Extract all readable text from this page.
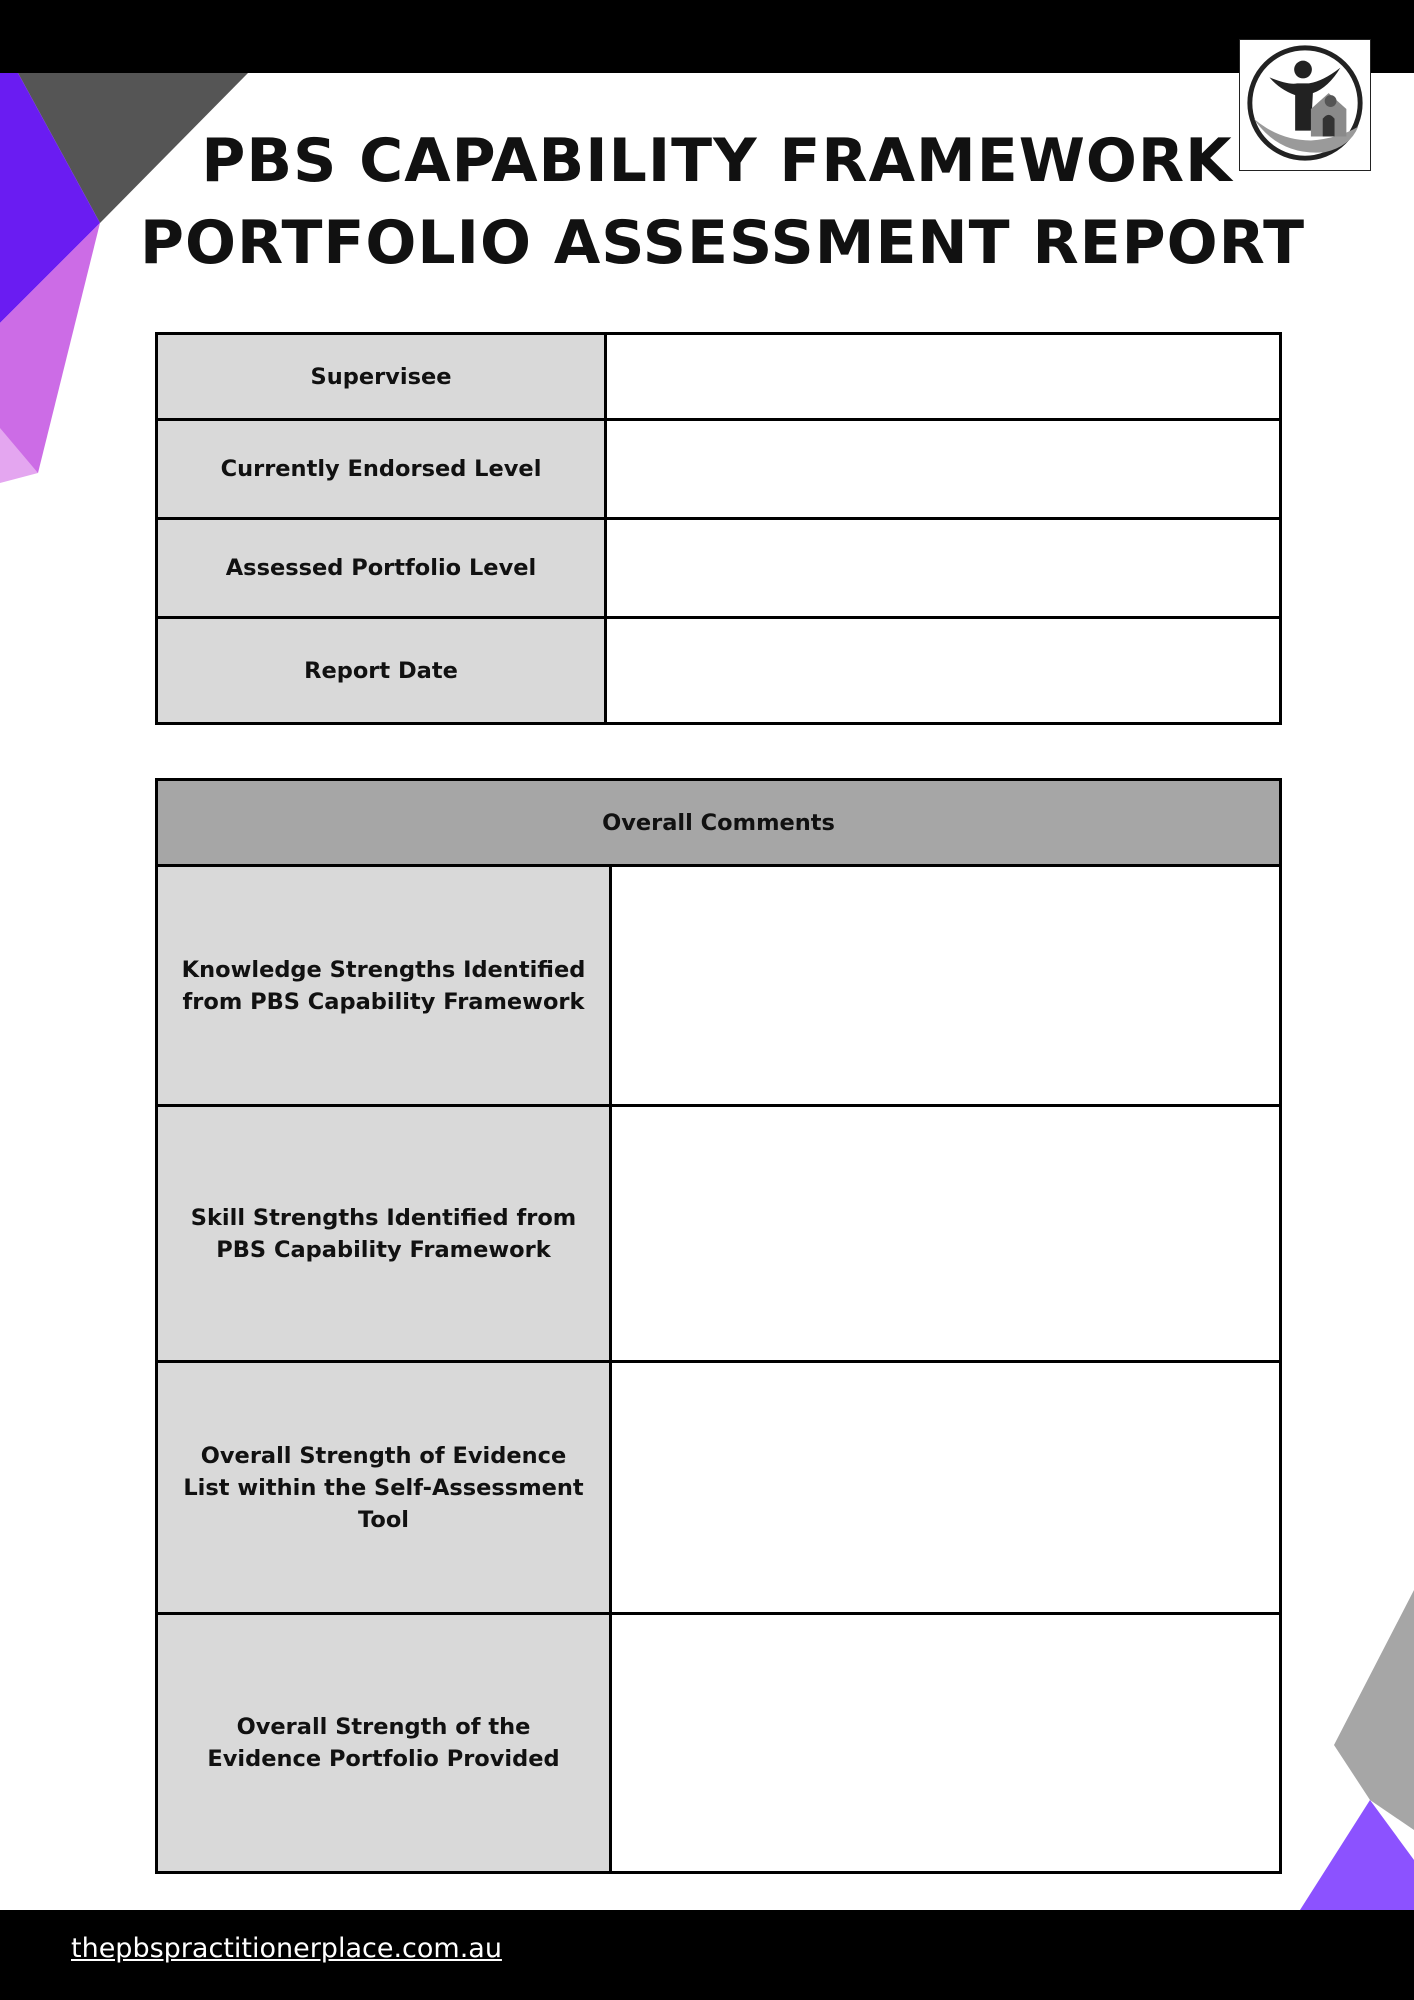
PBS CAPABILITY FRAMEWORK
PORTFOLIO ASSESSMENT REPORT
Supervisee	
Currently Endorsed Level	
Assessed Portfolio Level	
Report Date	
Overall Comments	
Knowledge Strengths Identified from PBS Capability Framework	
Skill Strengths Identified from PBS Capability Framework	
Overall Strength of Evidence List within the Self-Assessment Tool	
Overall Strength of the Evidence Portfolio Provided	
thepbspractitionerplace.com.au
